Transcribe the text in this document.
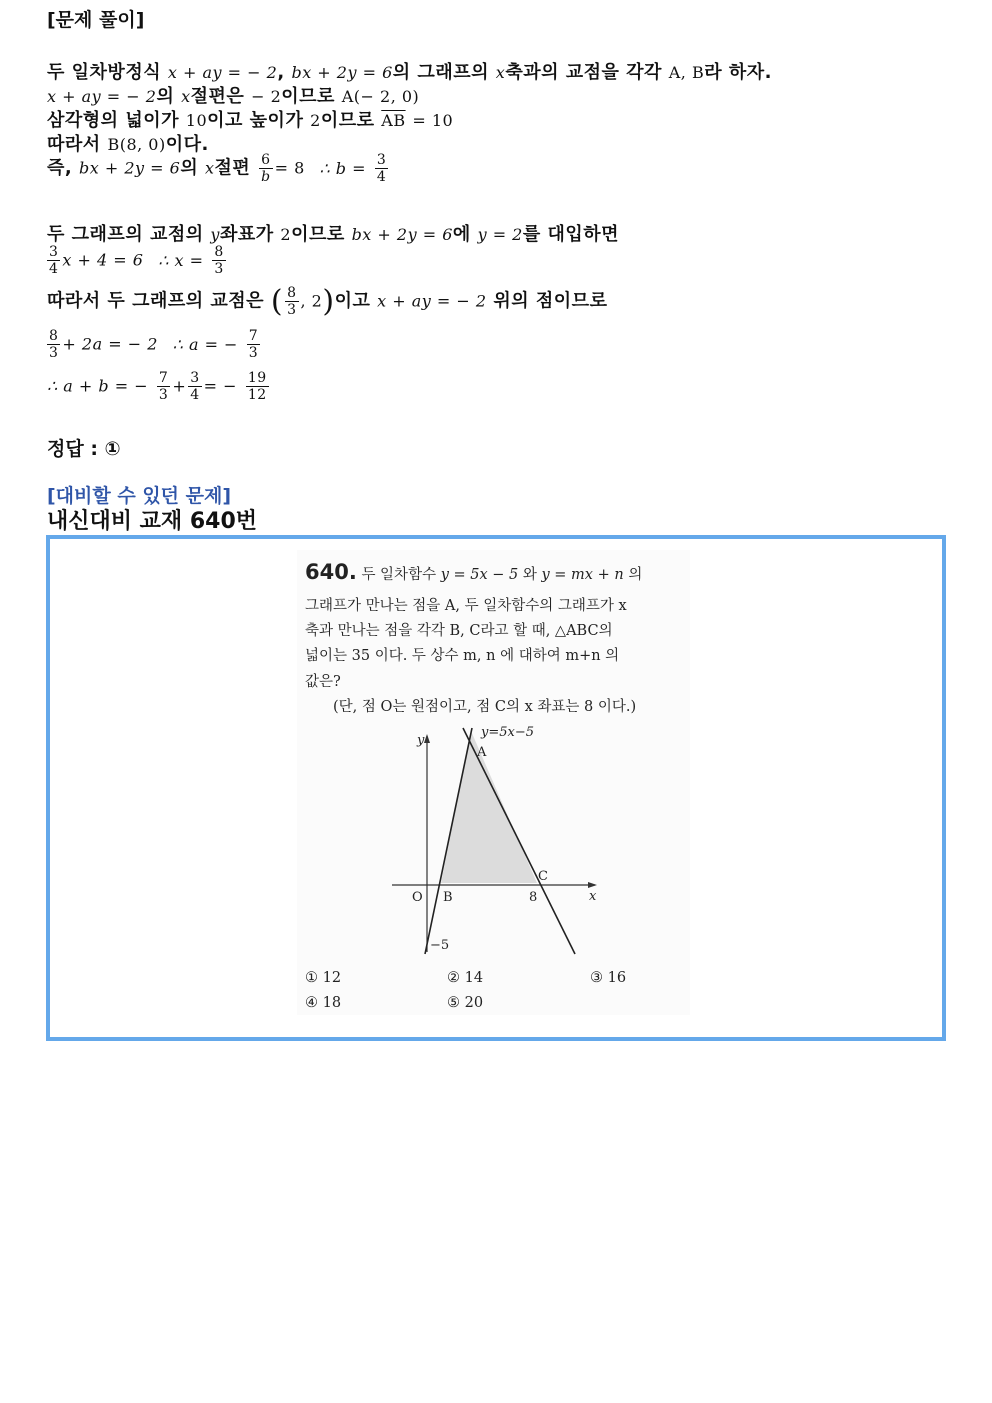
[문제 풀이]
두 일차방정식 x + ay = − 2, bx + 2y = 6의 그래프의 x축과의 교점을 각각 A, B라 하자.
x + ay = − 2의 x절편은 − 2이므로 A(− 2, 0)
삼각형의 넓이가 10이고 높이가 2이므로 $\overline{AB} = 10$
따라서 B(8, 0)이다.
즉, bx + 2y = 6의 x절편 $\frac{6}{b} = 8$ ∴ $b = \frac{3}{4}$
두 그래프의 교점의 y좌표가 2이므로 bx + 2y = 6에 y = 2를 대입하면
$\frac{3}{4}$ x + 4 = 6 ∴ $x = \frac{8}{3}$
따라서 두 그래프의 교점은 ( $\frac{8}{3}$ , 2)이고 x + ay = − 2 위의 점이므로
$\frac{8}{3} + 2a$ = − 2 ∴ a = − $\frac{7}{3}$
∴ a + b = − $\frac{7}{3} + \frac{3}{4}$ = − $\frac{19}{12}$
정답 : ①
[대비할 수 있던 문제]
내신대비 교재 640번
640. 두 일차함수 y = 5x − 5 와 y = mx + n 의
그래프가 만나는 점을 A, 두 일차함수의 그래프가 x
축과 만나는 점을 각각 B, C라고 할 때, △ABC의
넓이는 35 이다. 두 상수 m, n 에 대하여 m+n 의
값은?
(단, 점 O는 원점이고, 점 C의 x 좌표는 8 이다.)
y=5x−5
y
x
A
B
C
O	8
−5
① 12	② 14	③ 16
④ 18	⑤ 20
